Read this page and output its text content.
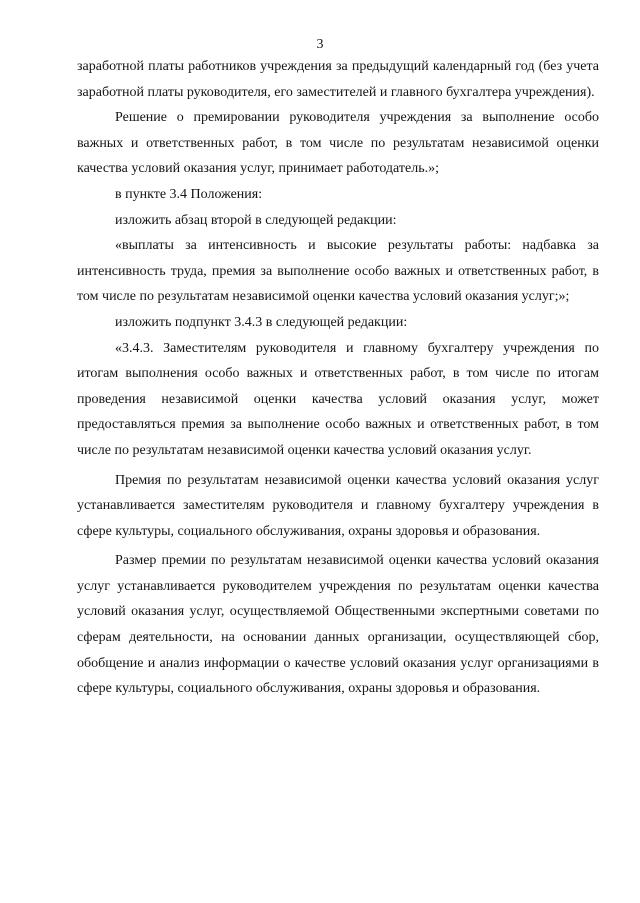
3

заработной платы работников учреждения за предыдущий календарный год (без учета заработной платы руководителя, его заместителей и главного бухгалтера учреждения).

Решение о премировании руководителя учреждения за выполнение особо важных и ответственных работ, в том числе по результатам независимой оценки качества условий оказания услуг, принимает работодатель.»;

в пункте 3.4 Положения:

изложить абзац второй в следующей редакции:

«выплаты за интенсивность и высокие результаты работы: надбавка за интенсивность труда, премия за выполнение особо важных и ответственных работ, в том числе по результатам независимой оценки качества условий оказания услуг;»;

изложить подпункт 3.4.3 в следующей редакции:

«3.4.3. Заместителям руководителя и главному бухгалтеру учреждения по итогам выполнения особо важных и ответственных работ, в том числе по итогам проведения независимой оценки качества условий оказания услуг, может предоставляться премия за выполнение особо важных и ответственных работ, в том числе по результатам независимой оценки качества условий оказания услуг.

Премия по результатам независимой оценки качества условий оказания услуг устанавливается заместителям руководителя и главному бухгалтеру учреждения в сфере культуры, социального обслуживания, охраны здоровья и образования.

Размер премии по результатам независимой оценки качества условий оказания услуг устанавливается руководителем учреждения по результатам оценки качества условий оказания услуг, осуществляемой Общественными экспертными советами по сферам деятельности, на основании данных организации, осуществляющей сбор, обобщение и анализ информации о качестве условий оказания услуг организациями в сфере культуры, социального обслуживания, охраны здоровья и образования.
